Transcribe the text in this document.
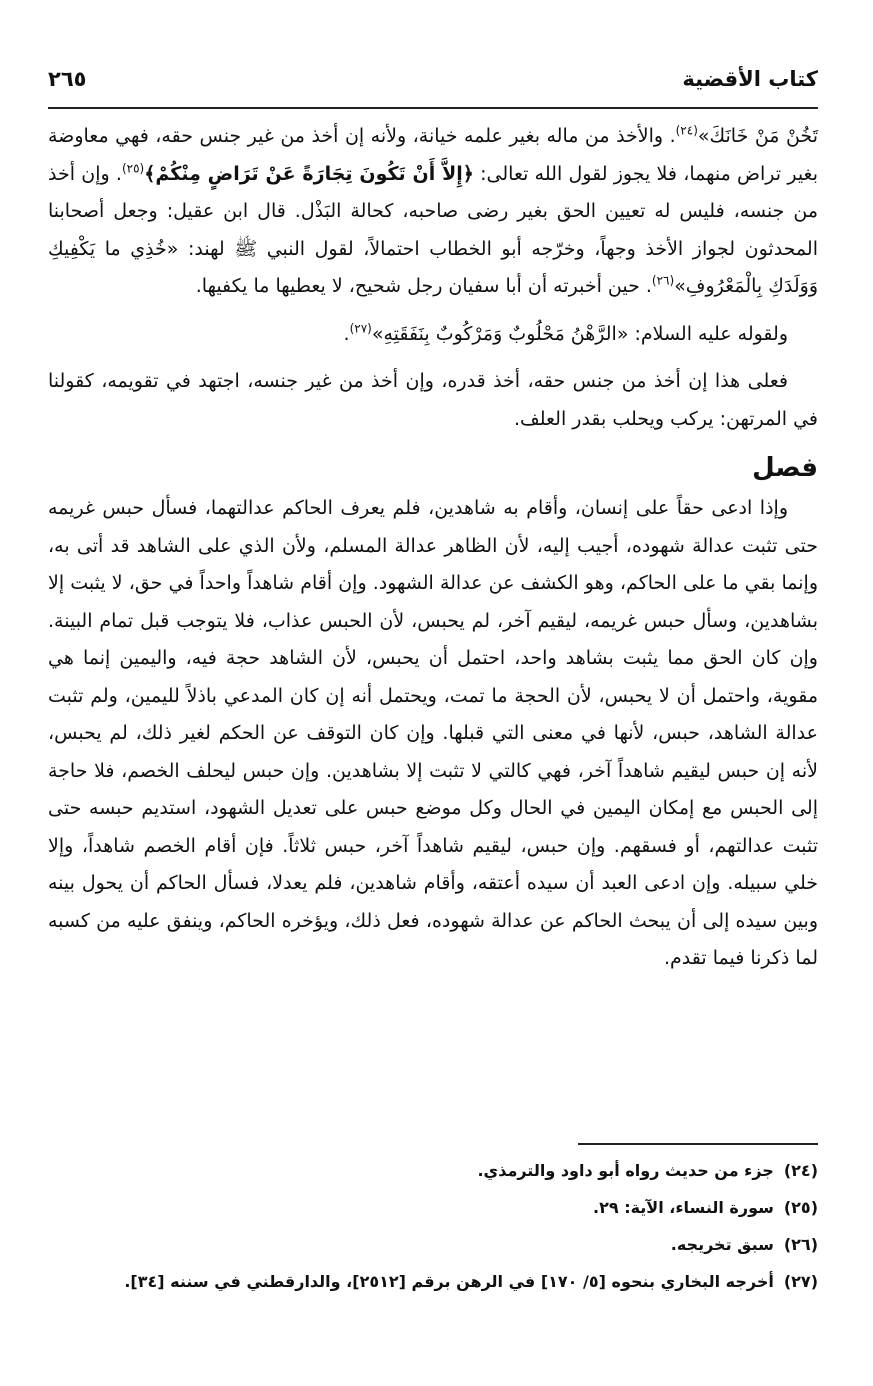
كتاب الأقضية
٢٦٥

تَخُنْ مَنْ خَانَكَ»$^{(٢٤)}$. والأخذ من ماله بغير علمه خيانة، ولأنه إن أخذ من غير جنس حقه، فهي معاوضة بغير تراض منهما، فلا يجوز لقول الله تعالى: ﴿إِلاَّ أَنْ تَكُونَ تِجَارَةً عَنْ تَرَاضٍ مِنْكُمْ﴾$^{(٢٥)}$. وإن أخذ من جنسه، فليس له تعيين الحق بغير رضى صاحبه، كحالة البَذْل. قال ابن عقيل: وجعل أصحابنا المحدثون لجواز الأخذ وجهاً، وخرّجه أبو الخطاب احتمالاً، لقول النبي ﷺ لهند: «خُذِي ما يَكْفِيكِ وَوَلَدَكِ بِالْمَعْرُوفِ»$^{(٢٦)}$. حين أخبرته أن أبا سفيان رجل شحيح، لا يعطيها ما يكفيها.

ولقوله عليه السلام: «الرَّهْنُ مَحْلُوبٌ وَمَرْكُوبٌ بِنَفَقَتِهِ»$^{(٢٧)}$.

فعلى هذا إن أخذ من جنس حقه، أخذ قدره، وإن أخذ من غير جنسه، اجتهد في تقويمه، كقولنا في المرتهن: يركب ويحلب بقدر العلف.

فصل

وإذا ادعى حقاً على إنسان، وأقام به شاهدين، فلم يعرف الحاكم عدالتهما، فسأل حبس غريمه حتى تثبت عدالة شهوده، أجيب إليه، لأن الظاهر عدالة المسلم، ولأن الذي على الشاهد قد أتى به، وإنما بقي ما على الحاكم، وهو الكشف عن عدالة الشهود. وإن أقام شاهداً واحداً في حق، لا يثبت إلا بشاهدين، وسأل حبس غريمه، ليقيم آخر، لم يحبس، لأن الحبس عذاب، فلا يتوجب قبل تمام البينة. وإن كان الحق مما يثبت بشاهد واحد، احتمل أن يحبس، لأن الشاهد حجة فيه، واليمين إنما هي مقوية، واحتمل أن لا يحبس، لأن الحجة ما تمت، ويحتمل أنه إن كان المدعي باذلاً لليمين، ولم تثبت عدالة الشاهد، حبس، لأنها في معنى التي قبلها. وإن كان التوقف عن الحكم لغير ذلك، لم يحبس، لأنه إن حبس ليقيم شاهداً آخر، فهي كالتي لا تثبت إلا بشاهدين. وإن حبس ليحلف الخصم، فلا حاجة إلى الحبس مع إمكان اليمين في الحال وكل موضع حبس على تعديل الشهود، استديم حبسه حتى تثبت عدالتهم، أو فسقهم. وإن حبس، ليقيم شاهداً آخر، حبس ثلاثاً. فإن أقام الخصم شاهداً، وإلا خلي سبيله. وإن ادعى العبد أن سيده أعتقه، وأقام شاهدين، فلم يعدلا، فسأل الحاكم أن يحول بينه وبين سيده إلى أن يبحث الحاكم عن عدالة شهوده، فعل ذلك، ويؤخره الحاكم، وينفق عليه من كسبه لما ذكرنا فيما تقدم.

(٢٤)
جزء من حديث رواه أبو داود والترمذي.
(٢٥)
سورة النساء، الآية: ٢٩.
(٢٦)
سبق تخريجه.
(٢٧)
أخرجه البخاري بنحوه [٥/ ١٧٠] في الرهن برقم [٢٥١٢]، والدارقطني في سننه [٣٤].
